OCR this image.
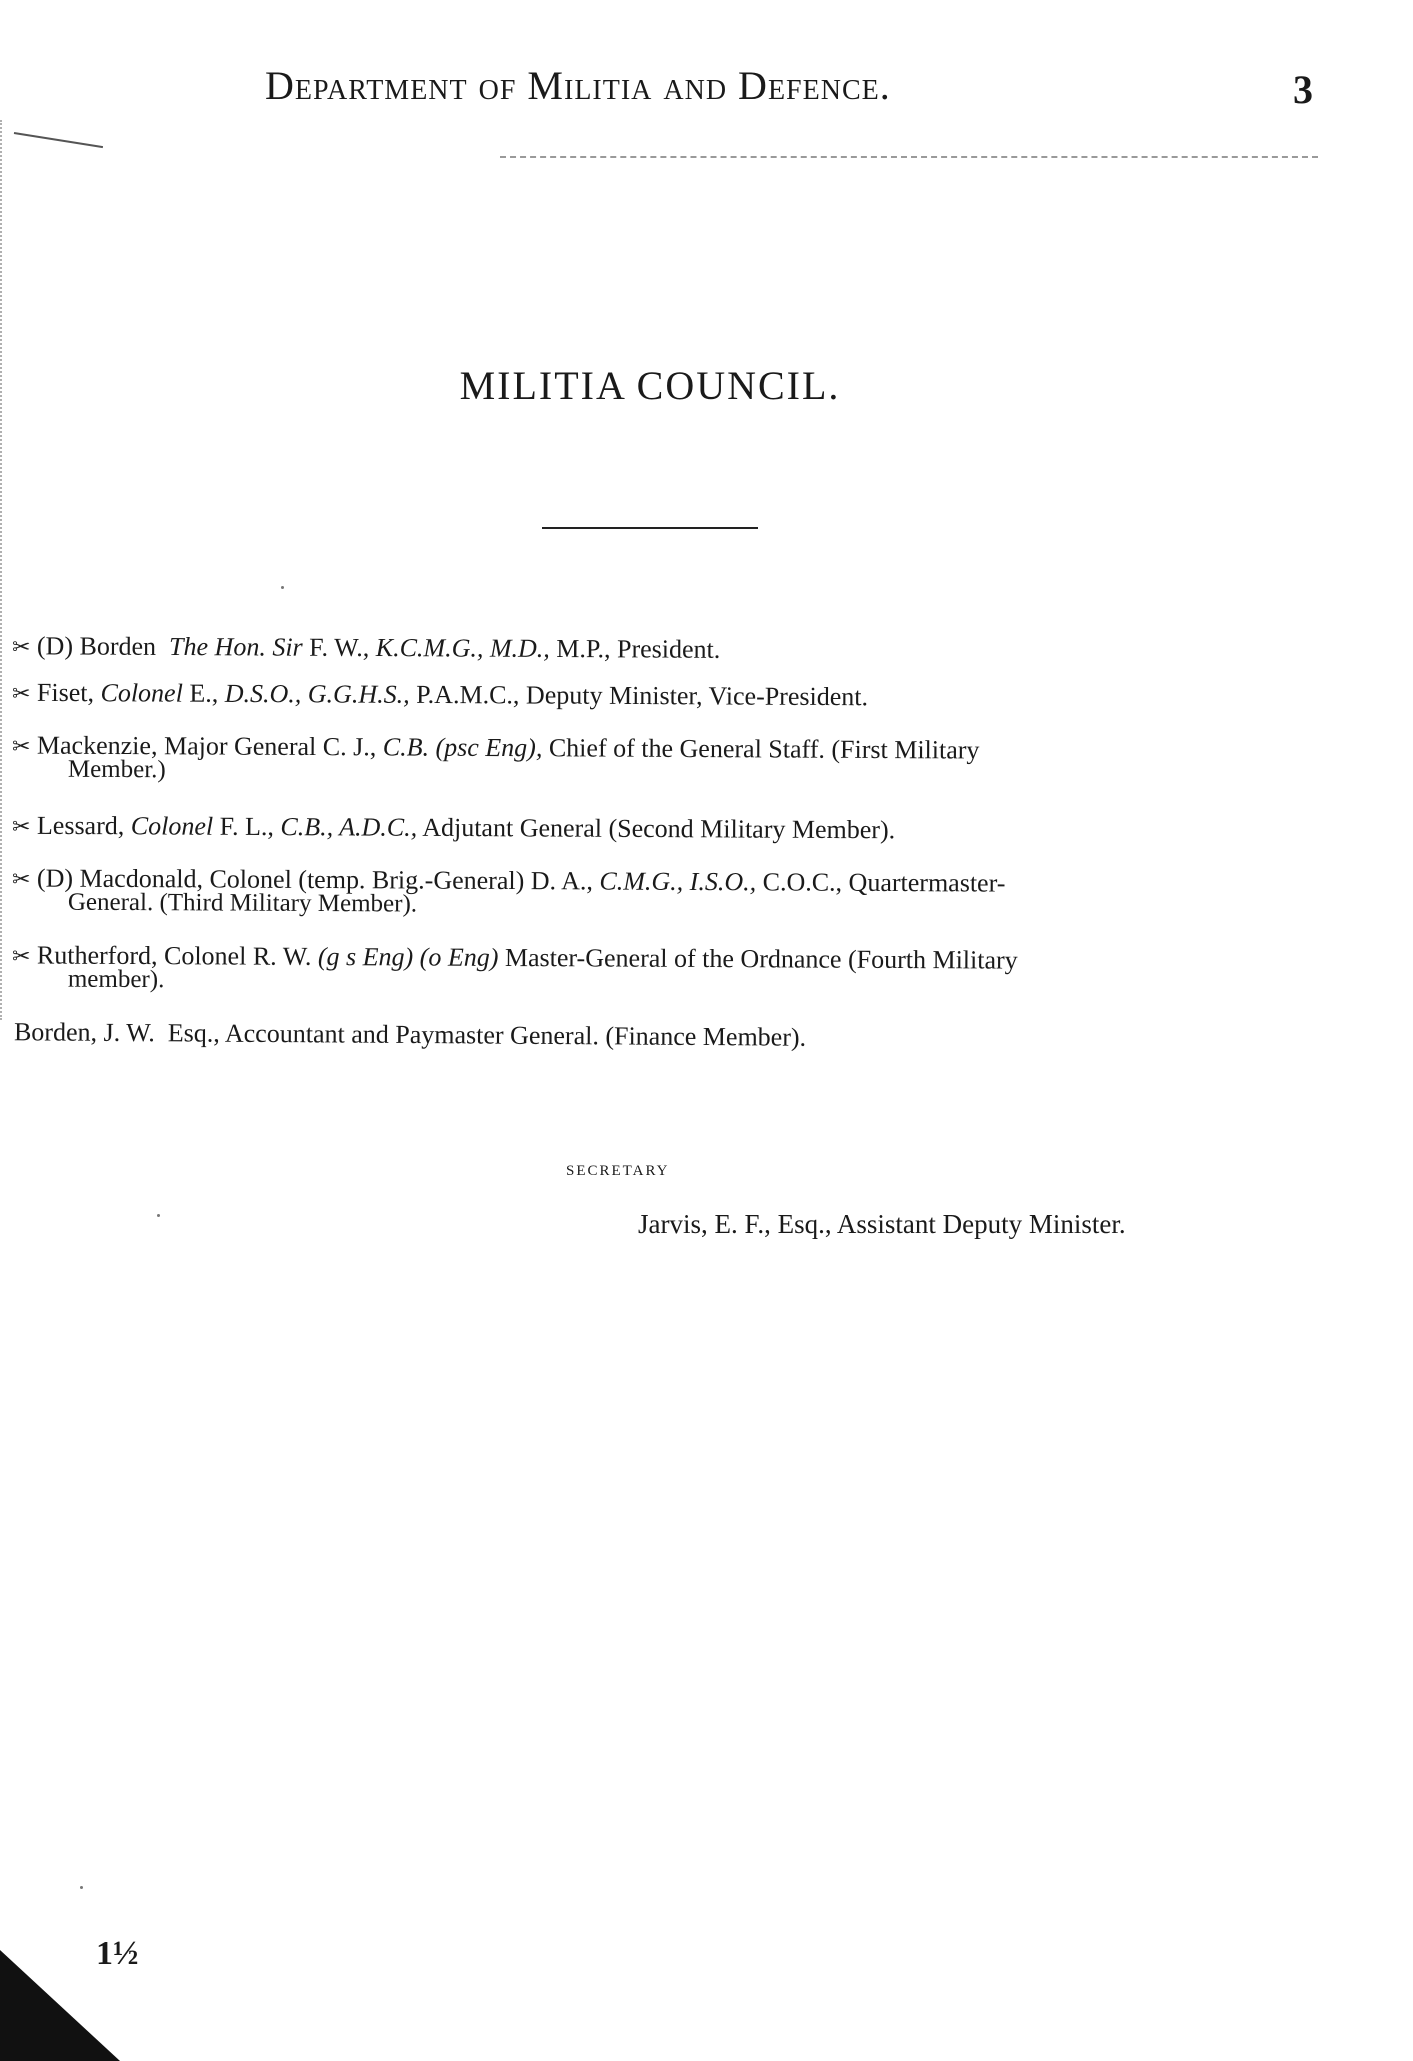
Department of Militia and Defence.	3
MILITIA COUNCIL.
✂ (D) Borden The Hon. Sir F. W., K.C.M.G., M.D., M.P., President.
✂ Fiset, Colonel E., D.S.O., G.G.H.S., P.A.M.C., Deputy Minister, Vice-President.
✂ Mackenzie, Major General C. J., C.B. (psc Eng), Chief of the General Staff. (First Military
Member.)
✂ Lessard, Colonel F. L., C.B., A.D.C., Adjutant General (Second Military Member).
✂ (D) Macdonald, Colonel (temp. Brig.-General) D. A., C.M.G., I.S.O., C.O.C., Quartermaster-
General. (Third Military Member).
✂ Rutherford, Colonel R. W. (g s Eng) (o Eng) Master-General of the Ordnance (Fourth Military
member).
Borden, J. W. Esq., Accountant and Paymaster General. (Finance Member).
secretary
Jarvis, E. F., Esq., Assistant Deputy Minister.
1½
